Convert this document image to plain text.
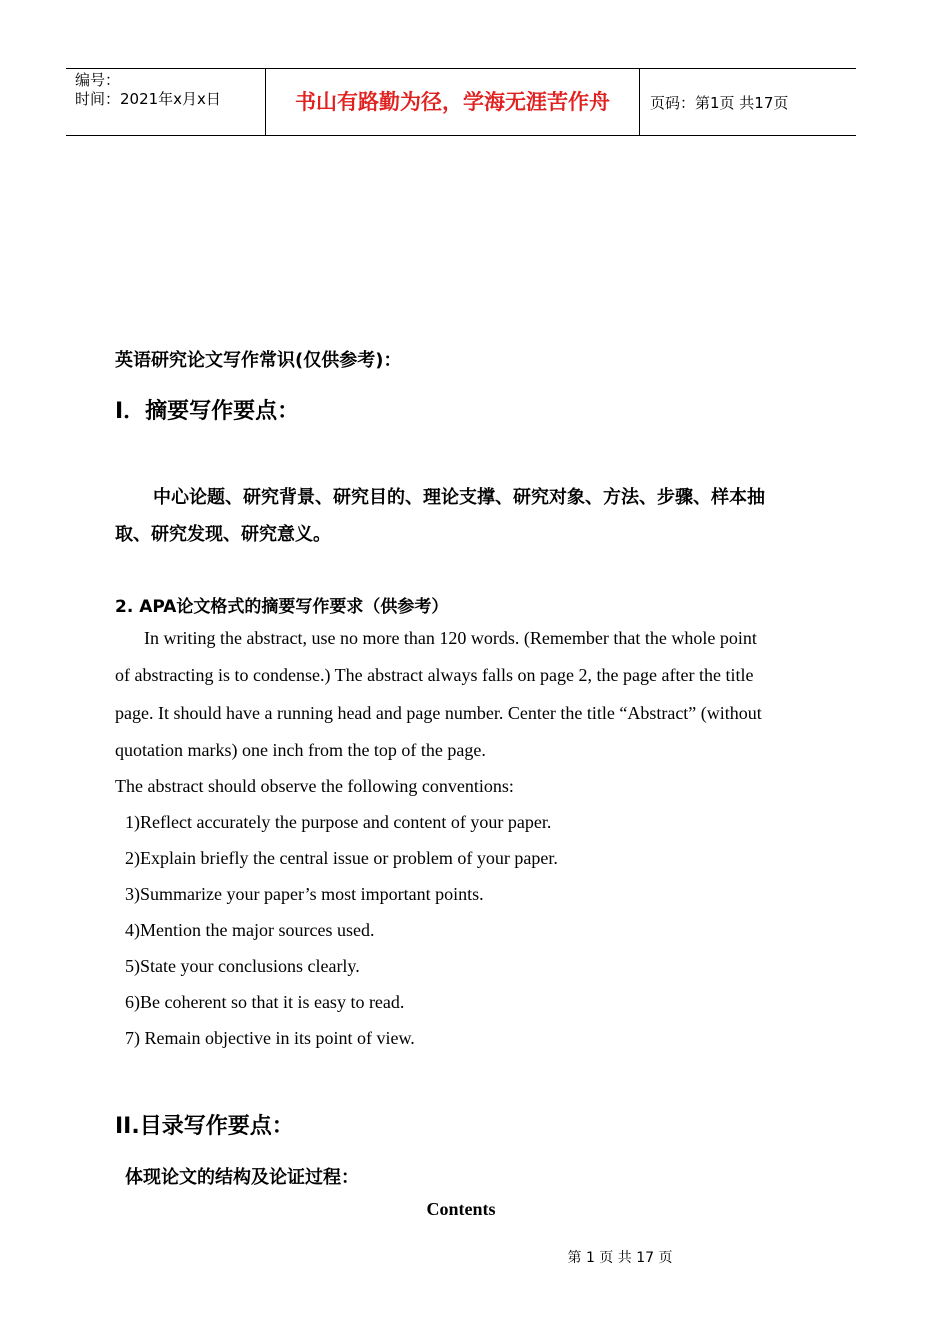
编号：
时间：2021年x月x日	书山有路勤为径，学海无涯苦作舟	页码：第1页 共17页
英语研究论文写作常识(仅供参考)：
I．摘要写作要点：
中心论题、研究背景、研究目的、理论支撑、研究对象、方法、步骤、样本抽
取、研究发现、研究意义。
2. APA论文格式的摘要写作要求（供参考）
In writing the abstract, use no more than 120 words. (Remember that the whole point
of abstracting is to condense.) The abstract always falls on page 2, the page after the title
page. It should have a running head and page number. Center the title “Abstract” (without
quotation marks) one inch from the top of the page.
The abstract should observe the following conventions:
1)Reflect accurately the purpose and content of your paper.
2)Explain briefly the central issue or problem of your paper.
3)Summarize your paper’s most important points.
4)Mention the major sources used.
5)State your conclusions clearly.
6)Be coherent so that it is easy to read.
7) Remain objective in its point of view.
II.目录写作要点：
体现论文的结构及论证过程：
Contents
第 1 页 共 17 页
